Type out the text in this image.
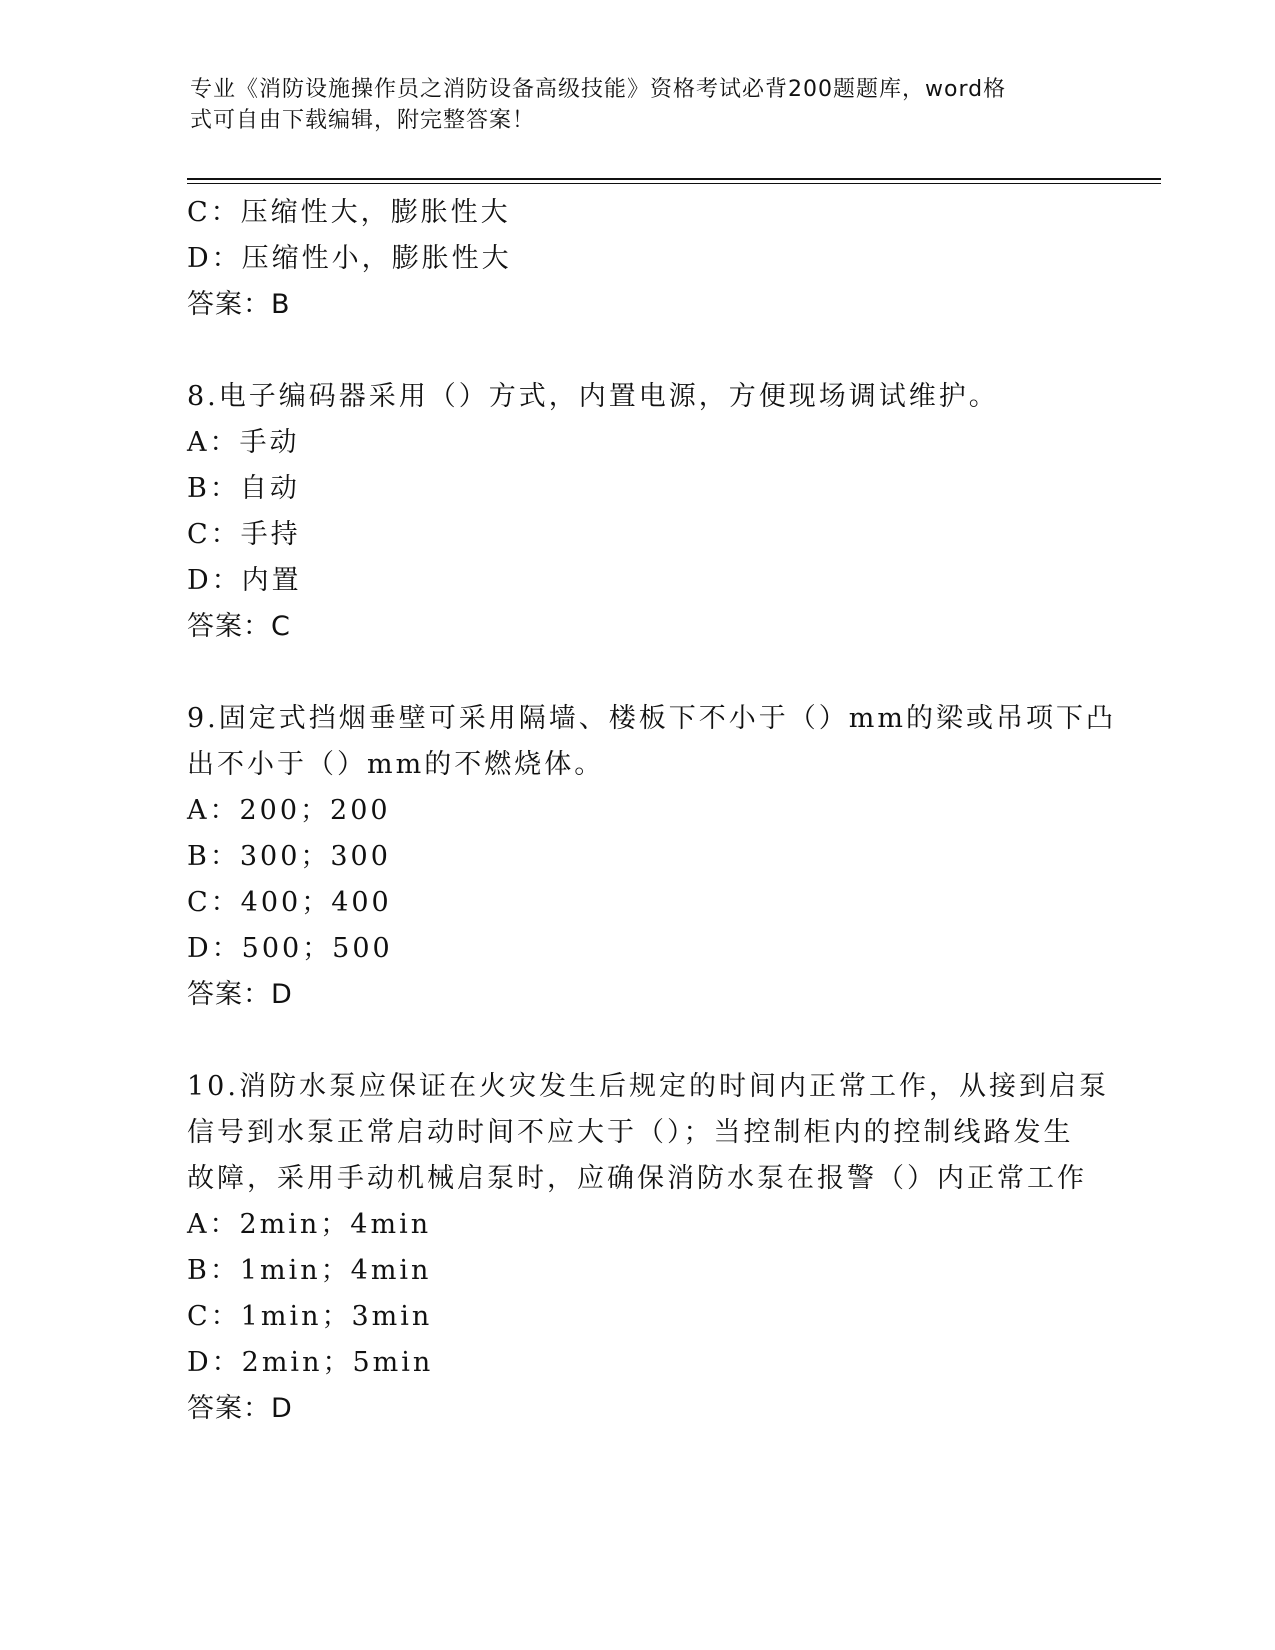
专业《消防设施操作员之消防设备高级技能》资格考试必背200题题库，word格
式可自由下载编辑，附完整答案！
C：压缩性大，膨胀性大
D：压缩性小，膨胀性大
答案：B
8.电子编码器采用（）方式，内置电源，方便现场调试维护。
A：手动
B：自动
C：手持
D：内置
答案：C
9.固定式挡烟垂壁可采用隔墙、楼板下不小于（）mm的梁或吊项下凸
出不小于（）mm的不燃烧体。
A：200；200
B：300；300
C：400；400
D：500；500
答案：D
10.消防水泵应保证在火灾发生后规定的时间内正常工作，从接到启泵
信号到水泵正常启动时间不应大于（）；当控制柜内的控制线路发生
故障，采用手动机械启泵时，应确保消防水泵在报警（）内正常工作
A：2min；4min
B：1min；4min
C：1min；3min
D：2min；5min
答案：D
